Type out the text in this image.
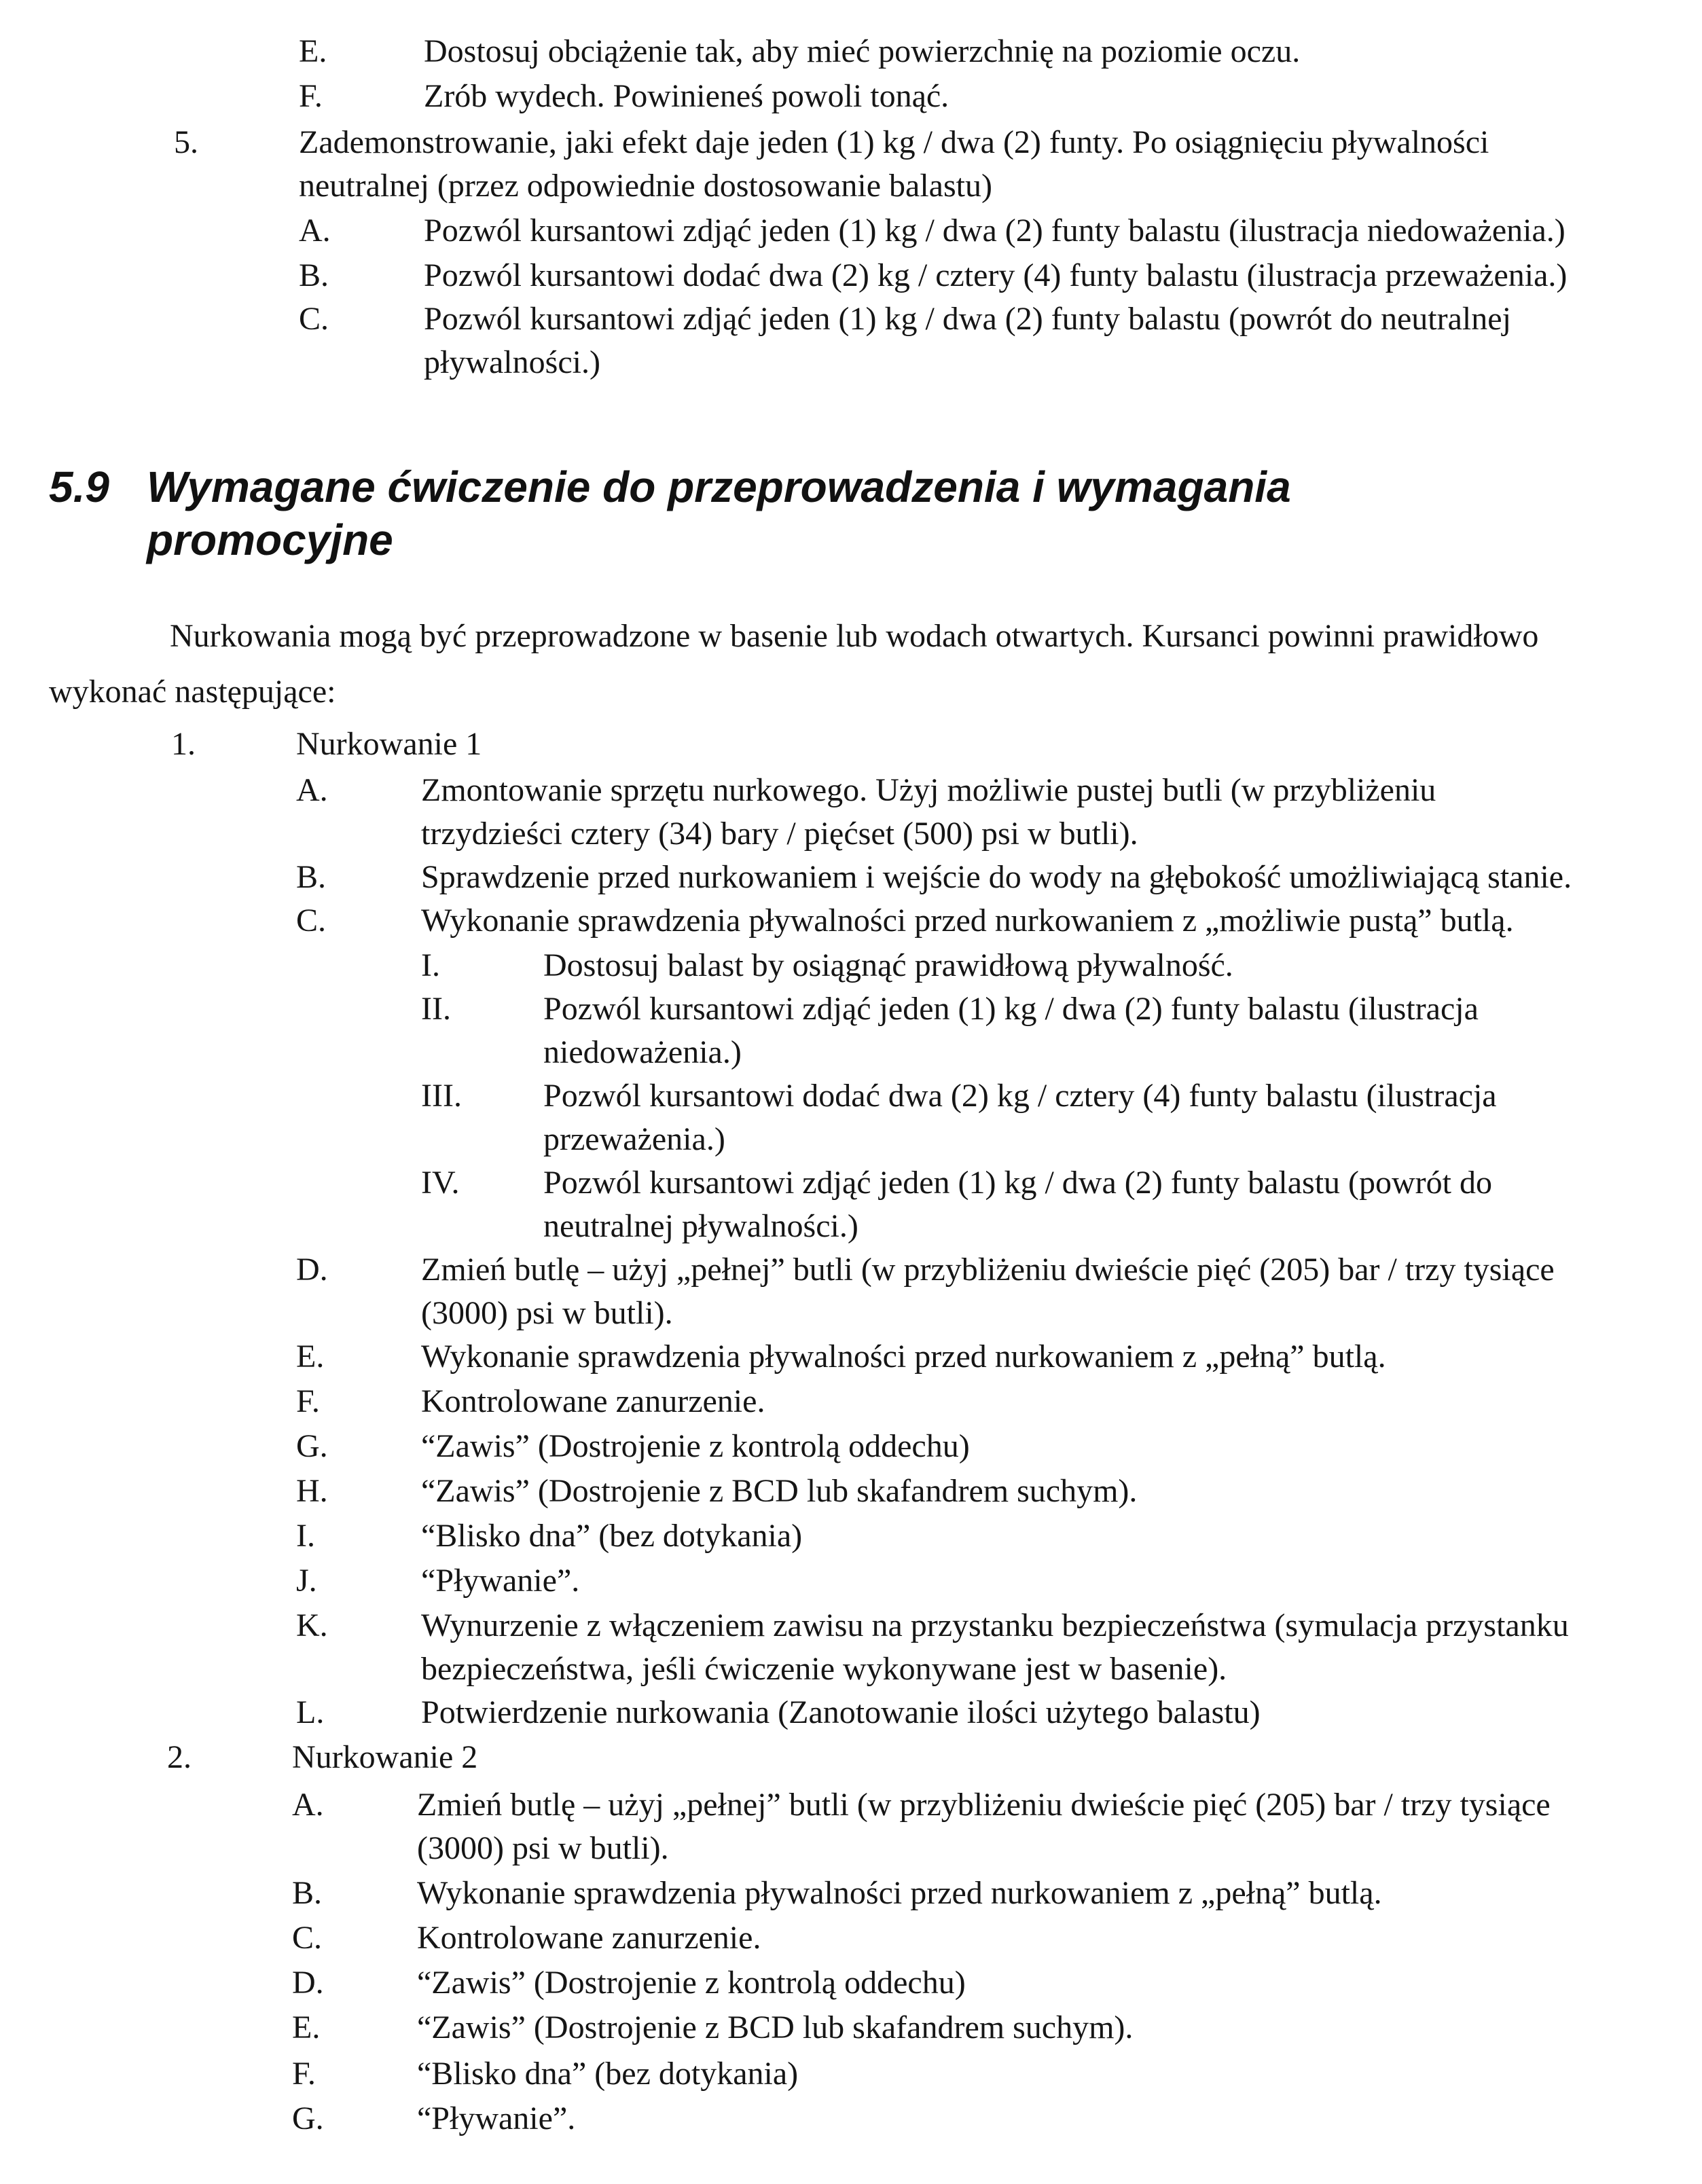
E.	Dostosuj obciążenie tak, aby mieć powierzchnię na poziomie oczu.
F.	Zrób wydech. Powinieneś powoli tonąć.
5.	Zademonstrowanie, jaki efekt daje jeden (1) kg / dwa (2) funty. Po osiągnięciu pływalności
neutralnej (przez odpowiednie dostosowanie balastu)
A.	Pozwól kursantowi zdjąć jeden (1) kg / dwa (2) funty balastu (ilustracja niedoważenia.)
B.	Pozwól kursantowi dodać dwa (2) kg / cztery (4) funty balastu (ilustracja przeważenia.)
C.	Pozwól kursantowi zdjąć jeden (1) kg / dwa (2) funty balastu (powrót do neutralnej
pływalności.)
5.9 Wymagane ćwiczenie do przeprowadzenia i wymagania
promocyjne
Nurkowania mogą być przeprowadzone w basenie lub wodach otwartych. Kursanci powinni prawidłowo
wykonać następujące:
1.	Nurkowanie 1
A.	Zmontowanie sprzętu nurkowego. Użyj możliwie pustej butli (w przybliżeniu
trzydzieści cztery (34) bary / pięćset (500) psi w butli).
B.	Sprawdzenie przed nurkowaniem i wejście do wody na głębokość umożliwiającą stanie.
C.	Wykonanie sprawdzenia pływalności przed nurkowaniem z „możliwie pustą” butlą.
I.	Dostosuj balast by osiągnąć prawidłową pływalność.
II.	Pozwól kursantowi zdjąć jeden (1) kg / dwa (2) funty balastu (ilustracja
niedoważenia.)
III.	Pozwól kursantowi dodać dwa (2) kg / cztery (4) funty balastu (ilustracja
przeważenia.)
IV.	Pozwól kursantowi zdjąć jeden (1) kg / dwa (2) funty balastu (powrót do
neutralnej pływalności.)
D.	Zmień butlę – użyj „pełnej” butli (w przybliżeniu dwieście pięć (205) bar / trzy tysiące
(3000) psi w butli).
E.	Wykonanie sprawdzenia pływalności przed nurkowaniem z „pełną” butlą.
F.	Kontrolowane zanurzenie.
G.	“Zawis” (Dostrojenie z kontrolą oddechu)
H.	“Zawis” (Dostrojenie z BCD lub skafandrem suchym).
I.	“Blisko dna” (bez dotykania)
J.	“Pływanie”.
K.	Wynurzenie z włączeniem zawisu na przystanku bezpieczeństwa (symulacja przystanku
bezpieczeństwa, jeśli ćwiczenie wykonywane jest w basenie).
L.	Potwierdzenie nurkowania (Zanotowanie ilości użytego balastu)
2.	Nurkowanie 2
A.	Zmień butlę – użyj „pełnej” butli (w przybliżeniu dwieście pięć (205) bar / trzy tysiące
(3000) psi w butli).
B.	Wykonanie sprawdzenia pływalności przed nurkowaniem z „pełną” butlą.
C.	Kontrolowane zanurzenie.
D.	“Zawis” (Dostrojenie z kontrolą oddechu)
E.	“Zawis” (Dostrojenie z BCD lub skafandrem suchym).
F.	“Blisko dna” (bez dotykania)
G.	“Pływanie”.
